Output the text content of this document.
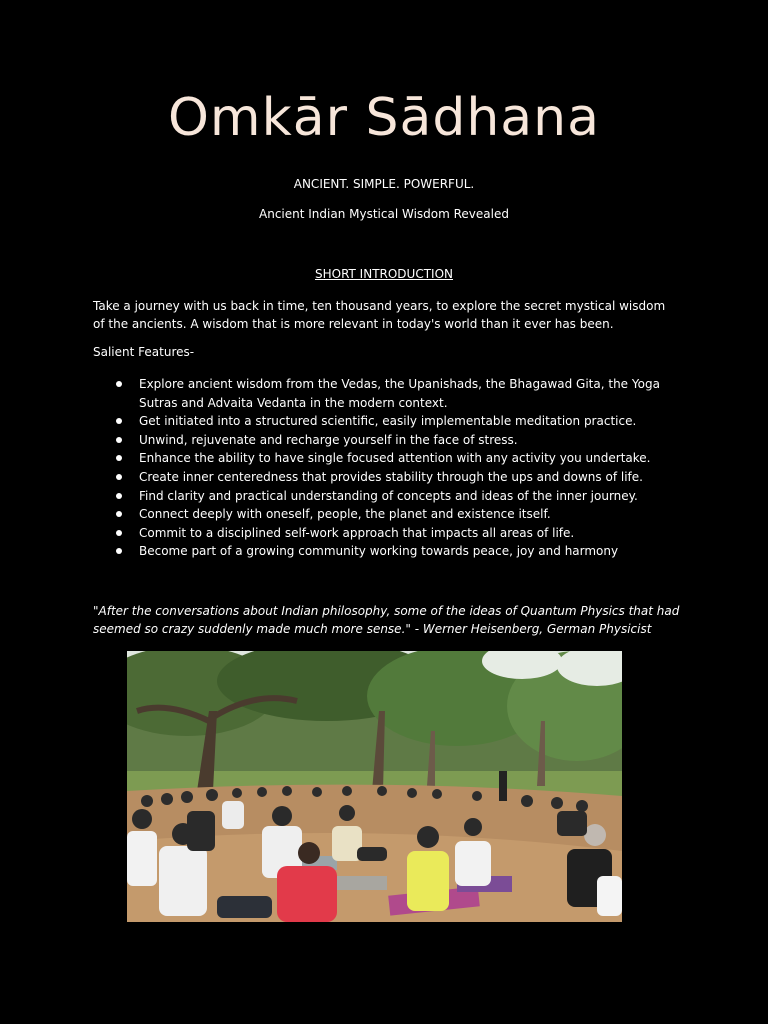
Omkār Sādhana

ANCIENT. SIMPLE. POWERFUL.

Ancient Indian Mystical Wisdom Revealed

SHORT INTRODUCTION

Take a journey with us back in time, ten thousand years, to explore the secret mystical wisdom of the ancients. A wisdom that is more relevant in today's world than it ever has been.

Salient Features-

Explore ancient wisdom from the Vedas, the Upanishads, the Bhagawad Gita, the Yoga Sutras and Advaita Vedanta in the modern context.
Get initiated into a structured scientific, easily implementable meditation practice.
Unwind, rejuvenate and recharge yourself in the face of stress.
Enhance the ability to have single focused attention with any activity you undertake.
Create inner centeredness that provides stability through the ups and downs of life.
Find clarity and practical understanding of concepts and ideas of the inner journey.
Connect deeply with oneself, people, the planet and existence itself.
Commit to a disciplined self-work approach that impacts all areas of life.
Become part of a growing community working towards peace, joy and harmony

"After the conversations about Indian philosophy, some of the ideas of Quantum Physics that had seemed so crazy suddenly made much more sense." - Werner Heisenberg, German Physicist
